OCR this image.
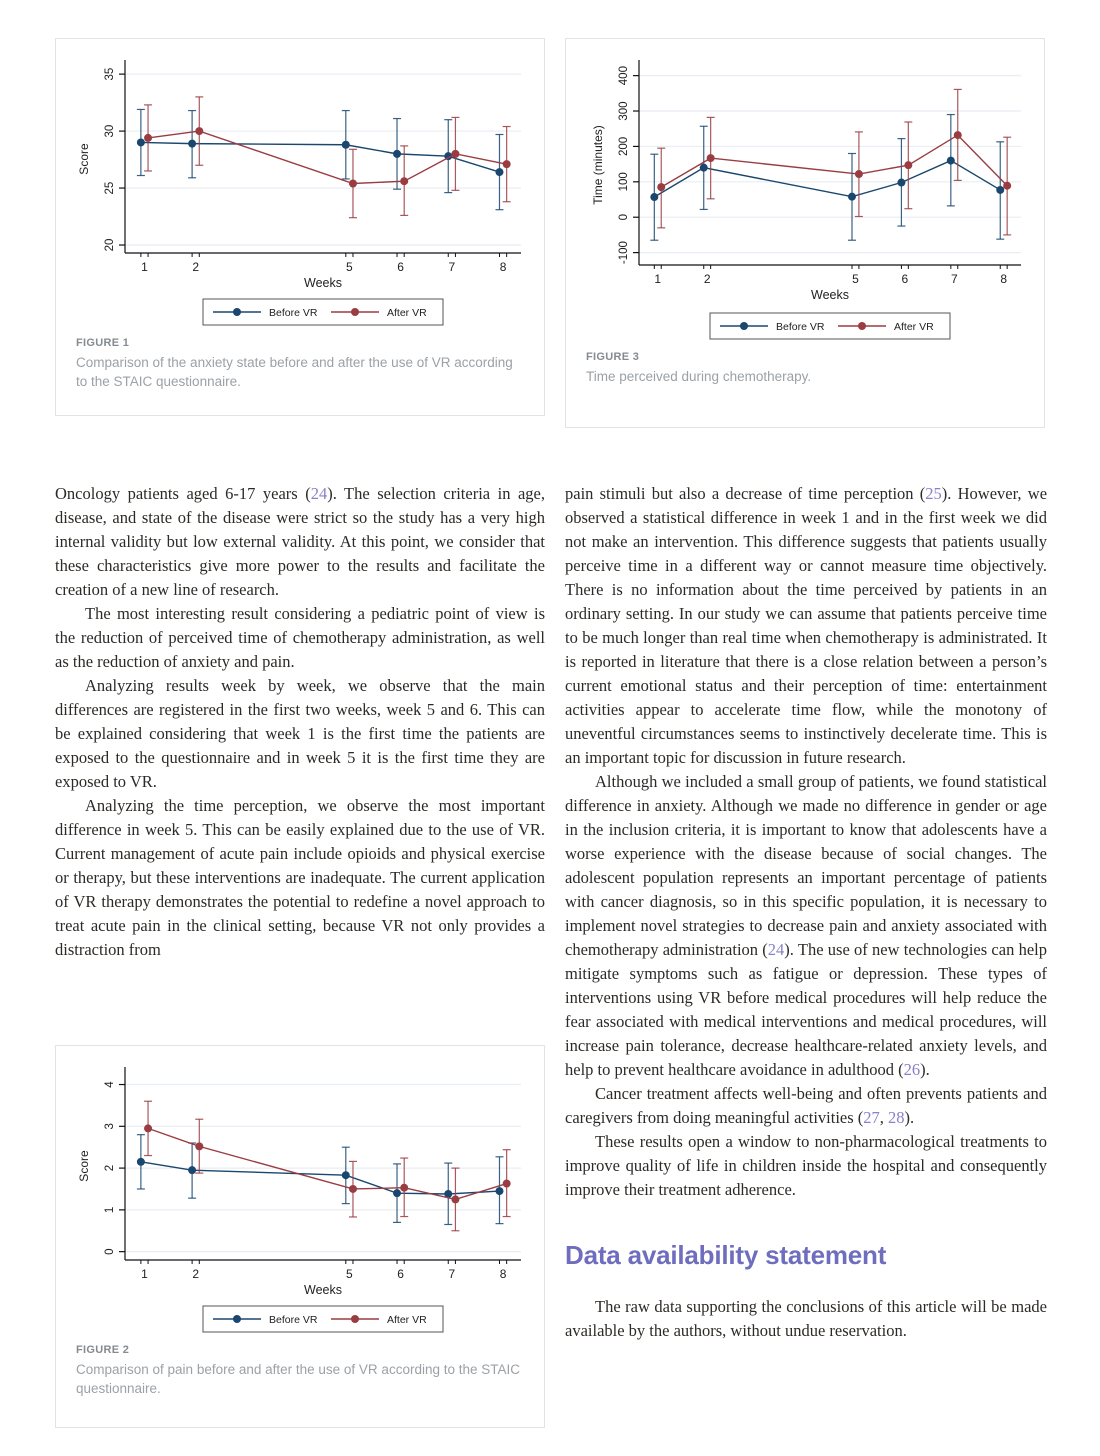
20
25
30
35
Score
1	2	5	6	7	8
Weeks
Before VR	After VR
FIGURE 1
Comparison of the anxiety state before and after the use of VR according to the STAIC questionnaire.
-100
0
100
200
300
400
Time (minutes)
1	2	5	6	7	8
Weeks
Before VR	After VR
FIGURE 3
Time perceived during chemotherapy.

Oncology patients aged 6-17 years (24). The selection criteria in age, disease, and state of the disease were strict so the study has a very high internal validity but low external validity. At this point, we consider that these characteristics give more power to the results and facilitate the creation of a new line of research.

The most interesting result considering a pediatric point of view is the reduction of perceived time of chemotherapy administration, as well as the reduction of anxiety and pain.

Analyzing results week by week, we observe that the main differences are registered in the first two weeks, week 5 and 6. This can be explained considering that week 1 is the first time the patients are exposed to the questionnaire and in week 5 it is the first time they are exposed to VR.

Analyzing the time perception, we observe the most important difference in week 5. This can be easily explained due to the use of VR. Current management of acute pain include opioids and physical exercise or therapy, but these interventions are inadequate. The current application of VR therapy demonstrates the potential to redefine a novel approach to treat acute pain in the clinical setting, because VR not only provides a distraction from

pain stimuli but also a decrease of time perception (25). However, we observed a statistical difference in week 1 and in the first week we did not make an intervention. This difference suggests that patients usually perceive time in a different way or cannot measure time objectively. There is no information about the time perceived by patients in an ordinary setting. In our study we can assume that patients perceive time to be much longer than real time when chemotherapy is administrated. It is reported in literature that there is a close relation between a person’s current emotional status and their perception of time: entertainment activities appear to accelerate time flow, while the monotony of uneventful circumstances seems to instinctively decelerate time. This is an important topic for discussion in future research.

Although we included a small group of patients, we found statistical difference in anxiety. Although we made no difference in gender or age in the inclusion criteria, it is important to know that adolescents have a worse experience with the disease because of social changes. The adolescent population represents an important percentage of patients with cancer diagnosis, so in this specific population, it is necessary to implement novel strategies to decrease pain and anxiety associated with chemotherapy administration (24). The use of new technologies can help mitigate symptoms such as fatigue or depression. These types of interventions using VR before medical procedures will help reduce the fear associated with medical interventions and medical procedures, will increase pain tolerance, decrease healthcare-related anxiety levels, and help to prevent healthcare avoidance in adulthood (26).

Cancer treatment affects well-being and often prevents patients and caregivers from doing meaningful activities (27, 28).

These results open a window to non-pharmacological treatments to improve quality of life in children inside the hospital and consequently improve their treatment adherence.

Data availability statement

The raw data supporting the conclusions of this article will be made available by the authors, without undue reservation.

0
1
2
3
4
Score
1	2	5	6	7	8
Weeks
Before VR	After VR
FIGURE 2
Comparison of pain before and after the use of VR according to the STAIC questionnaire.
